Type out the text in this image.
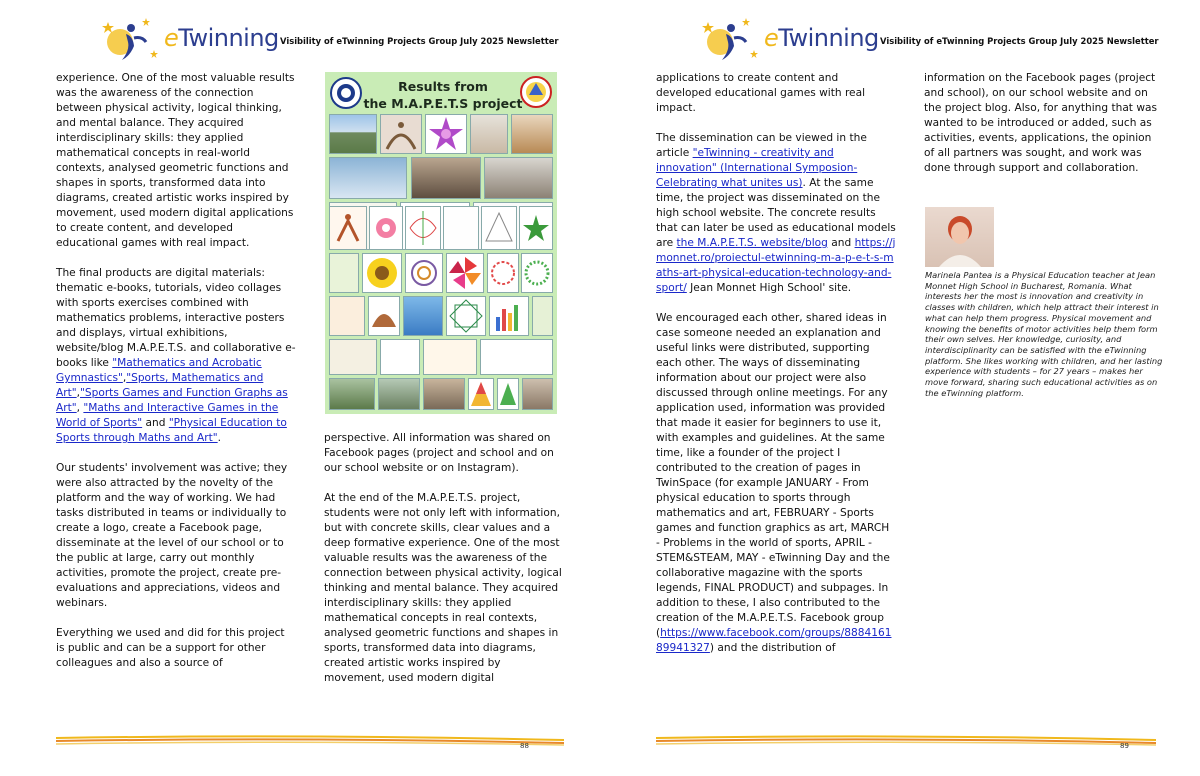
eTwinning Visibility of eTwinning Projects Group July 2025 Newsletter

experience. One of the most valuable results was the awareness of the connection between physical activity, logical thinking, and mental balance. They acquired interdisciplinary skills: they applied mathematical concepts in real-world contexts, analysed geometric functions and shapes in sports, transformed data into diagrams, created artistic works inspired by movement, used modern digital applications to create content, and developed educational games with real impact.

The final products are digital materials: thematic e-books, tutorials, video collages with sports exercises combined with mathematics problems, interactive posters and displays, virtual exhibitions, website/blog M.A.P.E.T.S. and collaborative e-books like "Mathematics and Acrobatic Gymnastics","Sports, Mathematics and Art","Sports Games and Function Graphs as Art", "Maths and Interactive Games in the World of Sports" and "Physical Education to Sports through Maths and Art".

Our students' involvement was active; they were also attracted by the novelty of the platform and the way of working. We had tasks distributed in teams or individually to create a logo, create a Facebook page, disseminate at the level of our school or to the public at large, carry out monthly activities, promote the project, create pre-evaluations and appreciations, videos and webinars.

Everything we used and did for this project is public and can be a support for other colleagues and also a source of

Results from
the M.A.P.E.T.S project

perspective. All information was shared on Facebook pages (project and school and on our school website or on Instagram).

At the end of the M.A.P.E.T.S. project, students were not only left with information, but with concrete skills, clear values and a deep formative experience. One of the most valuable results was the awareness of the connection between physical activity, logical thinking and mental balance. They acquired interdisciplinary skills: they applied mathematical concepts in real contexts, analysed geometric functions and shapes in sports, transformed data into diagrams, created artistic works inspired by movement, used modern digital

88
eTwinning Visibility of eTwinning Projects Group July 2025 Newsletter

applications to create content and developed educational games with real impact.

The dissemination can be viewed in the article "eTwinning - creativity and innovation" (International Symposion-Celebrating what unites us). At the same time, the project was disseminated on the high school website. The concrete results that can later be used as educational models are the M.A.P.E.T.S. website/blog and https://jmonnet.ro/proiectul-etwinning-m-a-p-e-t-s-maths-art-physical-education-technology-and-sport/ Jean Monnet High School' site.

We encouraged each other, shared ideas in case someone needed an explanation and useful links were distributed, supporting each other. The ways of disseminating information about our project were also discussed through online meetings. For any application used, information was provided that made it easier for beginners to use it, with examples and guidelines. At the same time, like a founder of the project I contributed to the creation of pages in TwinSpace (for example JANUARY - From physical education to sports through mathematics and art, FEBRUARY - Sports games and function graphics as art, MARCH - Problems in the world of sports, APRIL - STEM&STEAM, MAY - eTwinning Day and the collaborative magazine with the sports legends, FINAL PRODUCT) and subpages. In addition to these, I also contributed to the creation of the M.A.P.E.T.S. Facebook group (https://www.facebook.com/groups/888416189941327) and the distribution of

information on the Facebook pages (project and school), on our school website and on the project blog. Also, for anything that was wanted to be introduced or added, such as activities, events, applications, the opinion of all partners was sought, and work was done through support and collaboration.

Marinela Pantea is a Physical Education teacher at Jean Monnet High School in Bucharest, Romania. What interests her the most is innovation and creativity in classes with children, which help attract their interest in what can help them progress. Physical movement and knowing the benefits of motor activities help them form their own selves. Her knowledge, curiosity, and interdisciplinarity can be satisfied with the eTwinning platform. She likes working with children, and her lasting experience with students – for 27 years – makes her move forward, sharing such educational activities as on the eTwinning platform.
89
